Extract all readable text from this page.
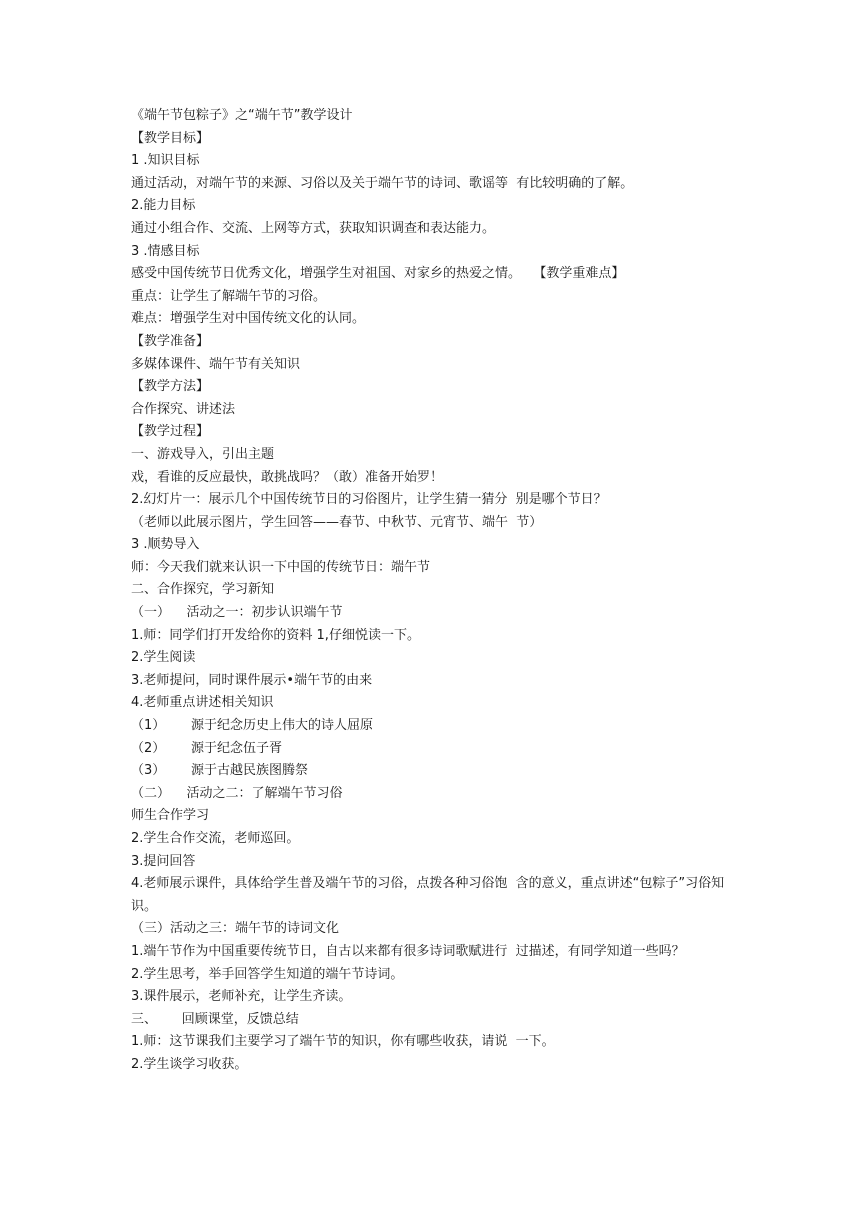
《端午节包粽子》之“端午节”教学设计

【教学目标】

1 .知识目标

通过活动，对端午节的来源、习俗以及关于端午节的诗词、歌谣等  有比较明确的了解。

2.能力目标

通过小组合作、交流、上网等方式，获取知识调查和表达能力。

3 .情感目标

感受中国传统节日优秀文化，增强学生对祖国、对家乡的热爱之情。   【教学重难点】

重点：让学生了解端午节的习俗。

难点：增强学生对中国传统文化的认同。

【教学准备】

多媒体课件、端午节有关知识

【教学方法】

合作探究、讲述法

【教学过程】

一、游戏导入，引出主题

戏，看谁的反应最快，敢挑战吗？（敢）准备开始罗！

2.幻灯片一：展示几个中国传统节日的习俗图片，让学生猜一猜分  别是哪个节日？

（老师以此展示图片，学生回答——春节、中秋节、元宵节、端午  节）

3 .顺势导入

师：今天我们就来认识一下中国的传统节日：端午节

二、合作探究，学习新知

（一）    活动之一：初步认识端午节

1.师：同学们打开发给你的资料 1,仔细悦读一下。

2.学生阅读

3.老师提问，同时课件展示•端午节的由来

4.老师重点讲述相关知识

（1）	源于纪念历史上伟大的诗人屈原
（2）	源于纪念伍子胥
（3）	源于古越民族图腾祭

（二）    活动之二：了解端午节习俗

师生合作学习

2.学生合作交流，老师巡回。

3.提问回答

4.老师展示课件，具体给学生普及端午节的习俗，点拨各种习俗饱  含的意义，重点讲述“包粽子”习俗知识。

（三）活动之三：端午节的诗词文化

1.端午节作为中国重要传统节日，自古以来都有很多诗词歌赋进行  过描述，有同学知道一些吗？

2.学生思考，举手回答学生知道的端午节诗词。

3.课件展示，老师补充，让学生齐读。

三、      回顾课堂，反馈总结

1.师：这节课我们主要学习了端午节的知识，你有哪些收获，请说  一下。

2.学生谈学习收获。
